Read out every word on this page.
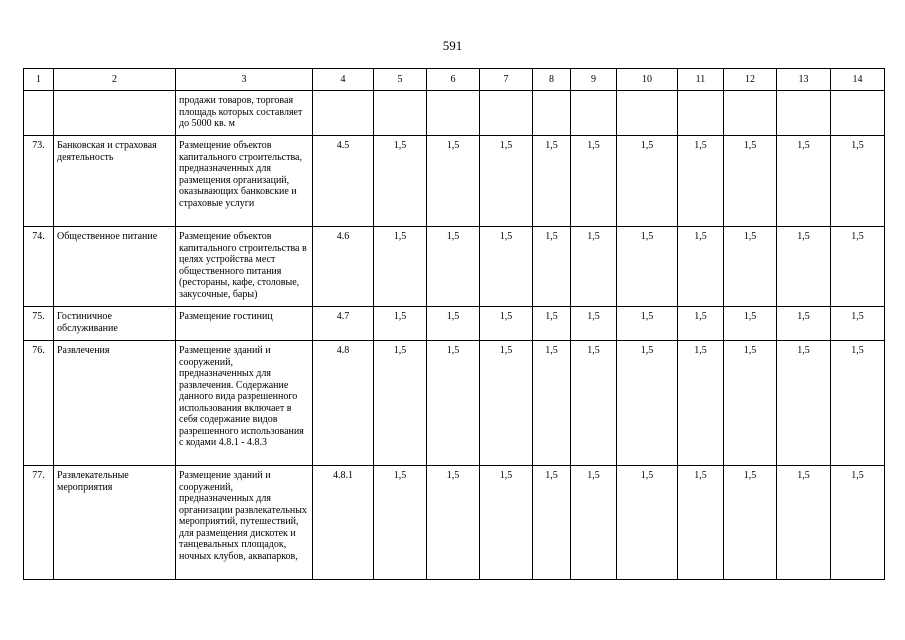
591
1	2	3	4	5	6	7	8	9	10	11	12	13	14
		продажи товаров, торговая площадь которых составляет до 5000 кв. м											
73.	Банковская и страховая деятельность	Размещение объектов капитального строительства, предназначенных для размещения организаций, оказывающих банковские и страховые услуги	4.5	1,5	1,5	1,5	1,5	1,5	1,5	1,5	1,5	1,5	1,5
74.	Общественное питание	Размещение объектов капитального строительства в целях устройства мест общественного питания (рестораны, кафе, столовые, закусочные, бары)	4.6	1,5	1,5	1,5	1,5	1,5	1,5	1,5	1,5	1,5	1,5
75.	Гостиничное обслуживание	Размещение гостиниц	4.7	1,5	1,5	1,5	1,5	1,5	1,5	1,5	1,5	1,5	1,5
76.	Развлечения	Размещение зданий и сооружений, предназначенных для развлечения. Содержание данного вида разрешенного использования включает в себя содержание видов разрешенного использования с кодами 4.8.1 - 4.8.3	4.8	1,5	1,5	1,5	1,5	1,5	1,5	1,5	1,5	1,5	1,5
77.	Развлекательные мероприятия	Размещение зданий и сооружений, предназначенных для организации развлекательных мероприятий, путешествий, для размещения дискотек и танцевальных площадок, ночных клубов, аквапарков,	4.8.1	1,5	1,5	1,5	1,5	1,5	1,5	1,5	1,5	1,5	1,5
